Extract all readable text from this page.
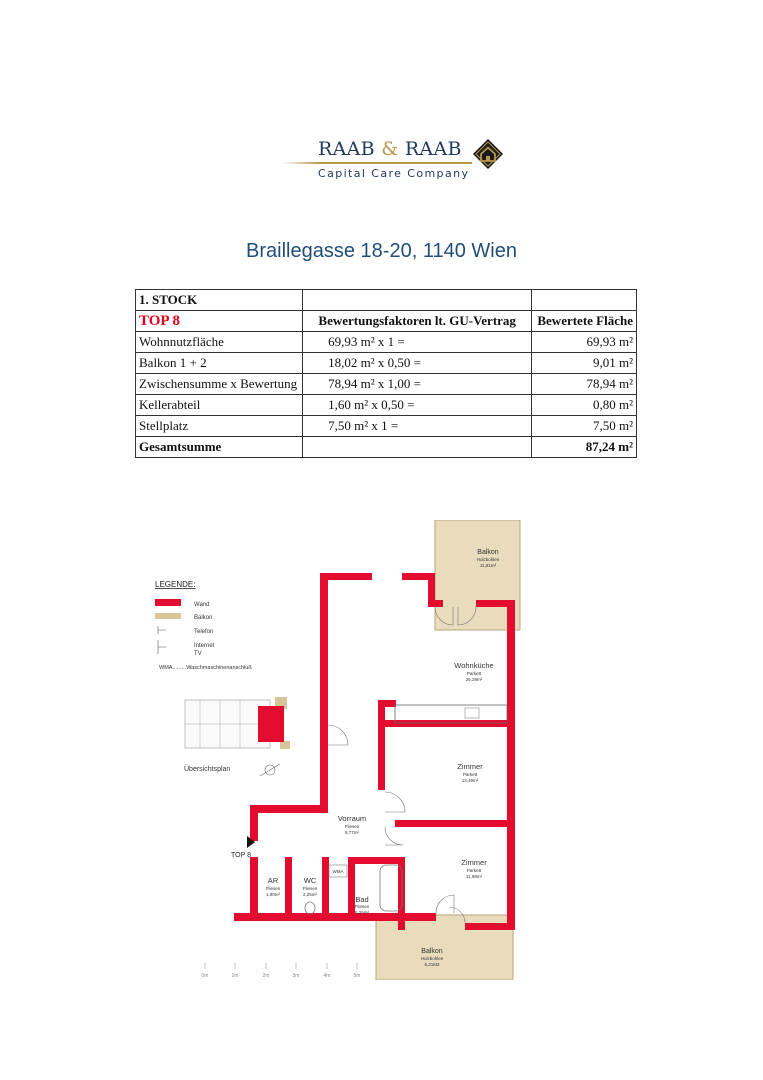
RAAB & RAAB
Capital Care Company
Braillegasse 18-20, 1140 Wien
1. STOCK		
TOP 8	Bewertungsfaktoren lt. GU-Vertrag	Bewertete Fläche
Wohnnutzfläche	69,93 m² x 1 =	69,93 m²
Balkon 1 + 2	18,02 m² x 0,50 =	9,01 m²
Zwischensumme x Bewertung	78,94 m² x 1,00 =	78,94 m²
Kellerabteil	1,60 m² x 0,50 =	0,80 m²
Stellplatz	7,50 m² x 1 =	7,50 m²
Gesamtsumme		87,24 m²
LEGENDE:
Wand
Balkon
Telefon
Internet
TV
WMA.........Waschmaschinenanschluß
Übersichtsplan
TOP 8
Balkon
Holzbohlen
11,81m²
Wohnküche
Parkett
26,29m²
Zimmer
Parkett
13,49m²
Vorraum
Fliesen
9,77m²
Zimmer
Parkett
11,98m²
AR
Fliesen
1,90m²
WC
Fliesen
2,25m²
WMA
Bad
Fliesen
5,25m²
Balkon
Holzbohlen
6,21M2
0m	1m	2m	3m	4m	5m
